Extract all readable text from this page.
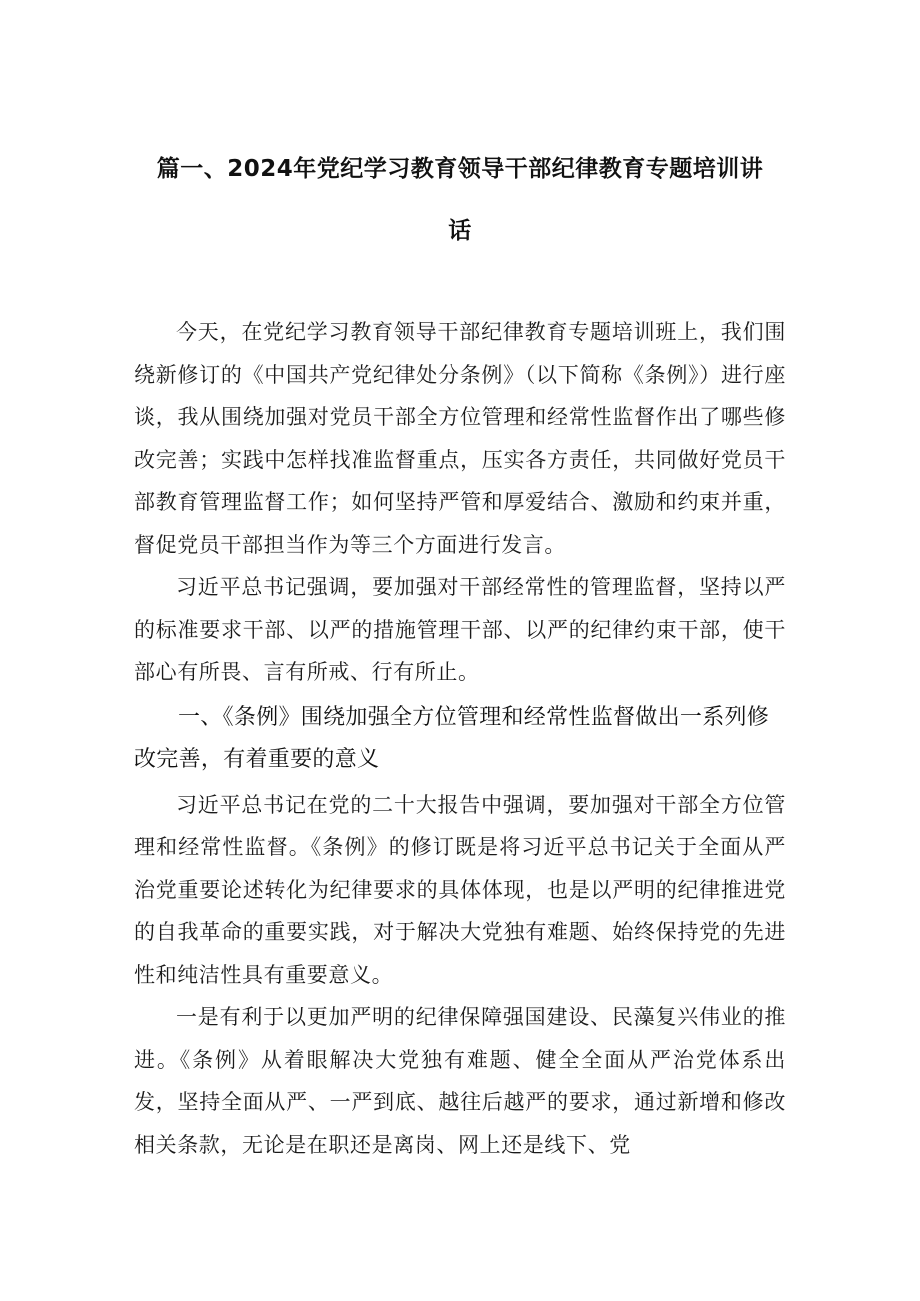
篇一、2024年党纪学习教育领导干部纪律教育专题培训讲
话

今天，在党纪学习教育领导干部纪律教育专题培训班上，我们围绕新修订的《中国共产党纪律处分条例》（以下简称《条例》）进行座谈，我从围绕加强对党员干部全方位管理和经常性监督作出了哪些修改完善；实践中怎样找准监督重点，压实各方责任，共同做好党员干部教育管理监督工作；如何坚持严管和厚爱结合、激励和约束并重，督促党员干部担当作为等三个方面进行发言。

习近平总书记强调，要加强对干部经常性的管理监督，坚持以严的标准要求干部、以严的措施管理干部、以严的纪律约束干部，使干部心有所畏、言有所戒、行有所止。

一、《条例》围绕加强全方位管理和经常性监督做出一系列修改完善，有着重要的意义

习近平总书记在党的二十大报告中强调，要加强对干部全方位管理和经常性监督。《条例》的修订既是将习近平总书记关于全面从严治党重要论述转化为纪律要求的具体体现，也是以严明的纪律推进党的自我革命的重要实践，对于解决大党独有难题、始终保持党的先进性和纯洁性具有重要意义。

一是有利于以更加严明的纪律保障强国建设、民藻复兴伟业的推进。《条例》从着眼解决大党独有难题、健全全面从严治党体系出发，坚持全面从严、一严到底、越往后越严的要求，通过新增和修改相关条款，无论是在职还是离岗、网上还是线下、党
